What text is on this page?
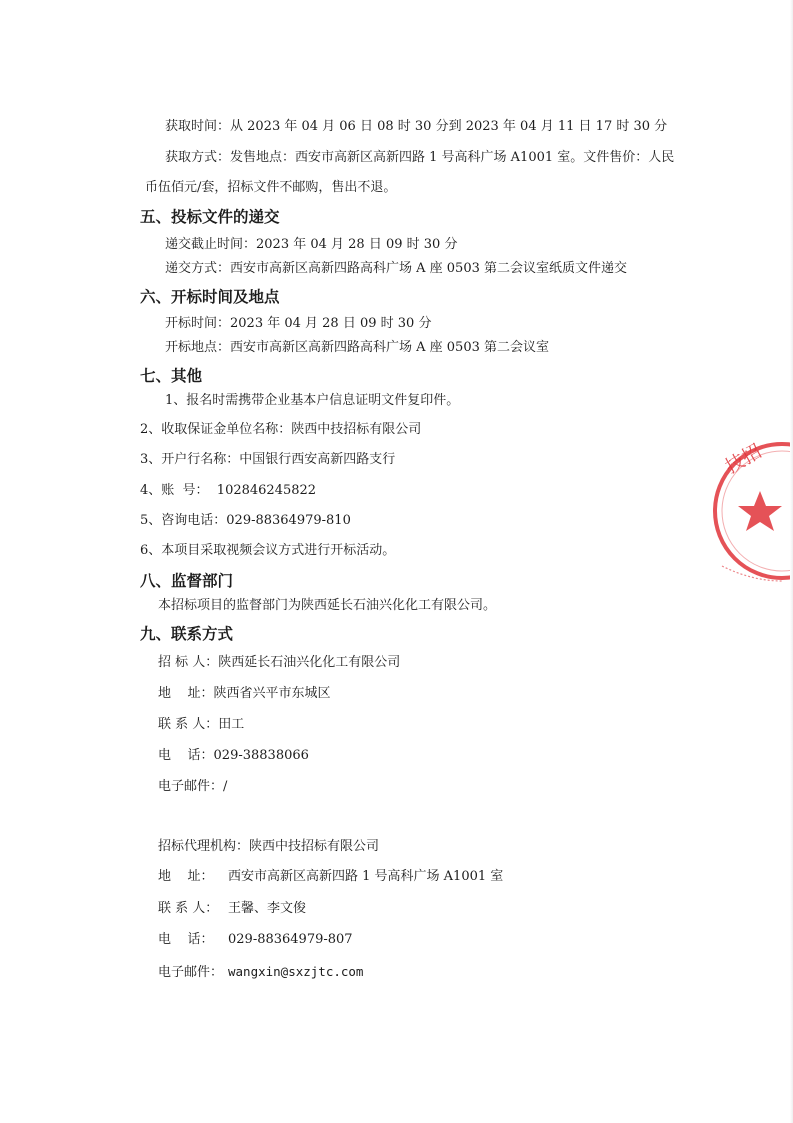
获取时间：从 2023 年 04 月 06 日 08 时 30 分到 2023 年 04 月 11 日 17 时 30 分
获取方式：发售地点：西安市高新区高新四路 1 号高科广场 A1001 室。文件售价：人民
币伍佰元/套，招标文件不邮购，售出不退。
五、投标文件的递交
递交截止时间：2023 年 04 月 28 日 09 时 30 分
递交方式：西安市高新区高新四路高科广场 A 座 0503 第二会议室纸质文件递交
六、开标时间及地点
开标时间：2023 年 04 月 28 日 09 时 30 分
开标地点：西安市高新区高新四路高科广场 A 座 0503 第二会议室
七、其他
1、报名时需携带企业基本户信息证明文件复印件。
2、收取保证金单位名称：陕西中技招标有限公司
3、开户行名称：中国银行西安高新四路支行
4、账  号：  102846245822
5、咨询电话：029-88364979-810
6、本项目采取视频会议方式进行开标活动。
八、监督部门
本招标项目的监督部门为陕西延长石油兴化化工有限公司。
九、联系方式
招 标 人：陕西延长石油兴化化工有限公司
地    址：陕西省兴平市东城区
联 系 人：田工
电    话：029-38838066
电子邮件：/
招标代理机构：陕西中技招标有限公司
地    址： 西安市高新区高新四路 1 号高科广场 A1001 室
联 系 人： 王馨、李文俊
电    话： 029-88364979-807
电子邮件： wangxin@sxzjtc.com
技招
